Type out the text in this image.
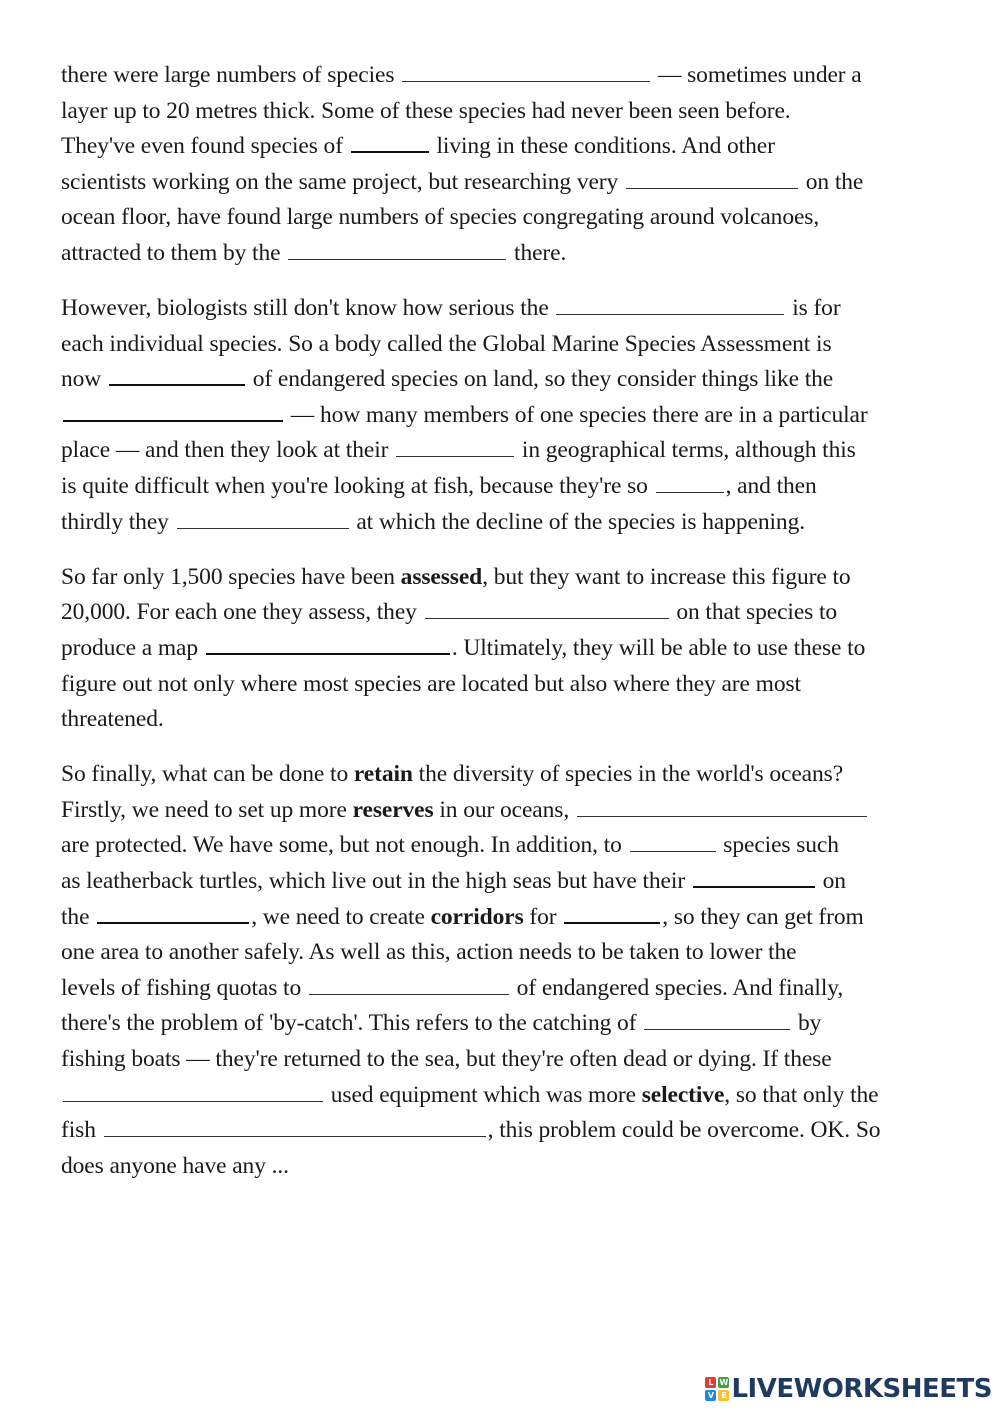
there were large numbers of species	— sometimes under a
layer up to 20 metres thick. Some of these species had never been seen before.
They've even found species of	living in these conditions. And other
scientists working on the same project, but researching very	on the
ocean floor, have found large numbers of species congregating around volcanoes,
attracted to them by the	there.
However, biologists still don't know how serious the	is for
each individual species. So a body called the Global Marine Species Assessment is
now	of endangered species on land, so they consider things like the
— how many members of one species there are in a particular
place — and then they look at their	in geographical terms, although this
is quite difficult when you're looking at fish, because they're so	, and then
thirdly they	at which the decline of the species is happening.
So far only 1,500 species have been assessed, but they want to increase this figure to
20,000. For each one they assess, they	on that species to
produce a map	. Ultimately, they will be able to use these to
figure out not only where most species are located but also where they are most
threatened.
So finally, what can be done to retain the diversity of species in the world's oceans?
Firstly, we need to set up more reserves in our oceans,
are protected. We have some, but not enough. In addition, to	species such
as leatherback turtles, which live out in the high seas but have their	on
the	, we need to create corridors for	, so they can get from
one area to another safely. As well as this, action needs to be taken to lower the
levels of fishing quotas to	of endangered species. And finally,
there's the problem of 'by-catch'. This refers to the catching of	by
fishing boats — they're returned to the sea, but they're often dead or dying. If these
used equipment which was more selective, so that only the
fish	, this problem could be overcome. OK. So
does anyone have any ...
L W
V E LIVEWORKSHEETS
